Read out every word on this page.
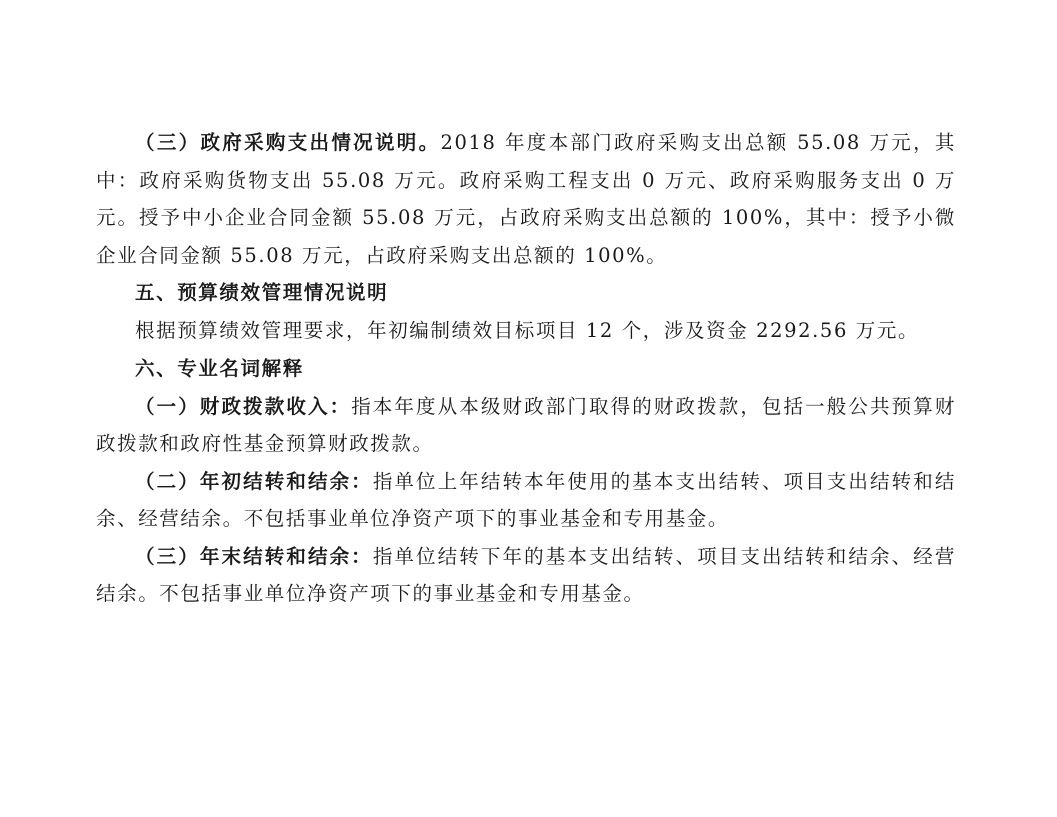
（三）政府采购支出情况说明。2018 年度本部门政府采购支出总额 55.08 万元，其中：政府采购货物支出 55.08 万元。政府采购工程支出 0 万元、政府采购服务支出 0 万元。授予中小企业合同金额 55.08 万元，占政府采购支出总额的 100%，其中：授予小微企业合同金额 55.08 万元，占政府采购支出总额的 100%。

五、预算绩效管理情况说明

根据预算绩效管理要求，年初编制绩效目标项目 12 个，涉及资金 2292.56 万元。

六、专业名词解释

（一）财政拨款收入：指本年度从本级财政部门取得的财政拨款，包括一般公共预算财政拨款和政府性基金预算财政拨款。

（二）年初结转和结余：指单位上年结转本年使用的基本支出结转、项目支出结转和结余、经营结余。不包括事业单位净资产项下的事业基金和专用基金。

（三）年末结转和结余：指单位结转下年的基本支出结转、项目支出结转和结余、经营结余。不包括事业单位净资产项下的事业基金和专用基金。
